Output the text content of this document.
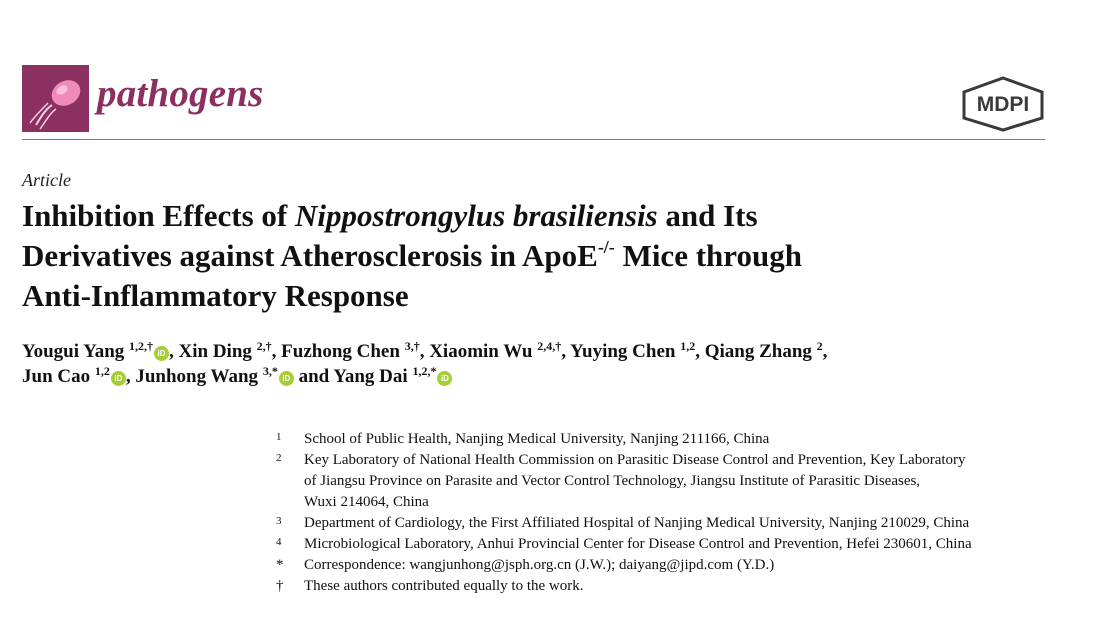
pathogens	MDPI
Article
Inhibition Effects of Nippostrongylus brasiliensis and Its
Derivatives against Atherosclerosis in ApoE-/- Mice through
Anti-Inflammatory Response
Yougui Yang $^{1,2,\dagger}$iD , Xin Ding $^{2,\dagger}$, Fuzhong Chen $^{3,\dagger}$, Xiaomin Wu $^{2,4,\dagger}$, Yuying Chen $^{1,2}$, Qiang Zhang $^2$,
Jun Cao $^{1,2}$iD , Junhong Wang $^{3,*}$iD and Yang Dai $^{1,2,*}$iD
1	School of Public Health, Nanjing Medical University, Nanjing 211166, China
2	Key Laboratory of National Health Commission on Parasitic Disease Control and Prevention, Key Laboratory
of Jiangsu Province on Parasite and Vector Control Technology, Jiangsu Institute of Parasitic Diseases,
Wuxi 214064, China
3	Department of Cardiology, the First Affiliated Hospital of Nanjing Medical University, Nanjing 210029, China
4	Microbiological Laboratory, Anhui Provincial Center for Disease Control and Prevention, Hefei 230601, China
*	Correspondence: wangjunhong@jsph.org.cn (J.W.); daiyang@jipd.com (Y.D.)
†	These authors contributed equally to the work.
